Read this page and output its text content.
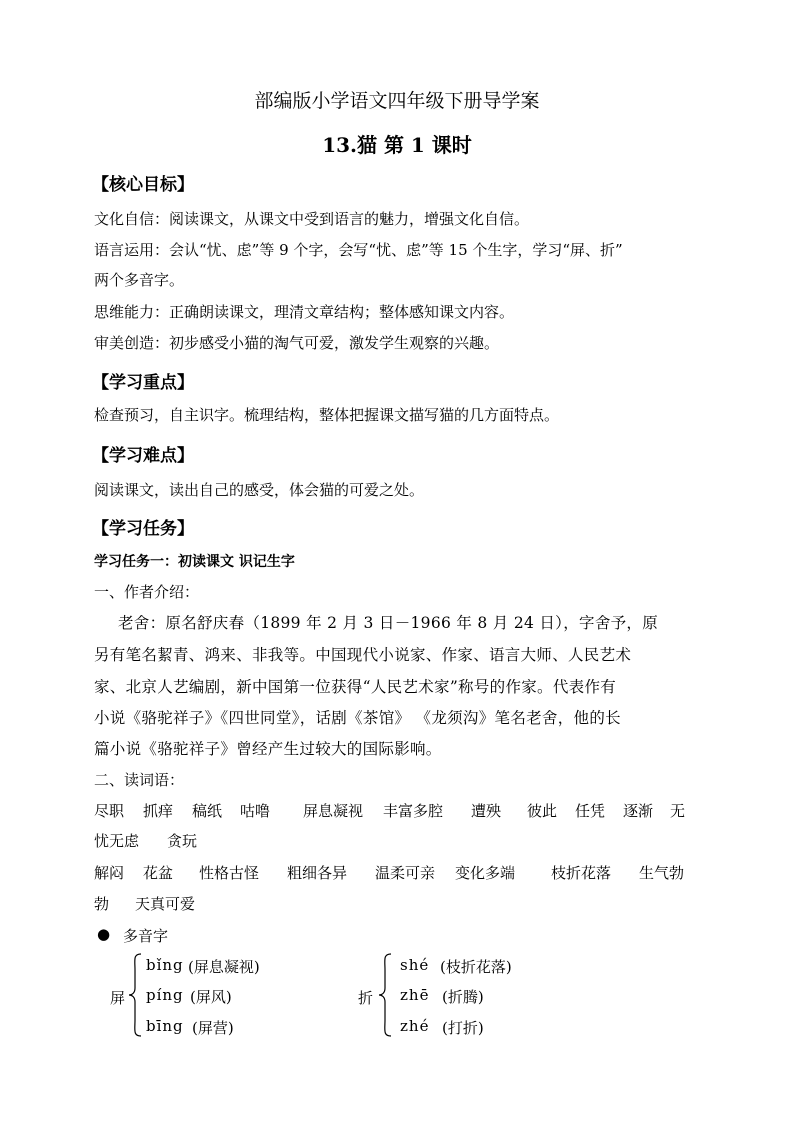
部编版小学语文四年级下册导学案
13.猫 第 1 课时
【核心目标】
文化自信：阅读课文，从课文中受到语言的魅力，增强文化自信。
语言运用：会认“忧、虑”等 9 个字，会写“忧、虑”等 15 个生字，学习“屏、折”
两个多音字。
思维能力：正确朗读课文，理清文章结构；整体感知课文内容。
审美创造：初步感受小猫的淘气可爱，激发学生观察的兴趣。
【学习重点】
检查预习，自主识字。梳理结构，整体把握课文描写猫的几方面特点。
【学习难点】
阅读课文，读出自己的感受，体会猫的可爱之处。
【学习任务】
学习任务一：初读课文 识记生字
一、作者介绍：
老舍：原名舒庆春（1899 年 2 月 3 日－1966 年 8 月 24 日），字舍予，原
另有笔名絜青、鸿来、非我等。中国现代小说家、作家、语言大师、人民艺术
家、北京人艺编剧，新中国第一位获得“人民艺术家”称号的作家。代表作有
小说《骆驼祥子》《四世同堂》，话剧《茶馆》 《龙须沟》笔名老舍，他的长
篇小说《骆驼祥子》曾经产生过较大的国际影响。
二、读词语：
尽职 抓痒 稿纸 咕噜 屏息凝视 丰富多腔 遭殃 彼此 任凭 逐渐 无
忧无虑 贪玩
解闷 花盆 性格古怪 粗细各异 温柔可亲 变化多端 枝折花落 生气勃
勃 天真可爱
● 多音字
屏
bǐng (屏息凝视)
píng (屏风)
bīng (屏营)
折
shé (枝折花落)
zhē (折腾)
zhé (打折)
